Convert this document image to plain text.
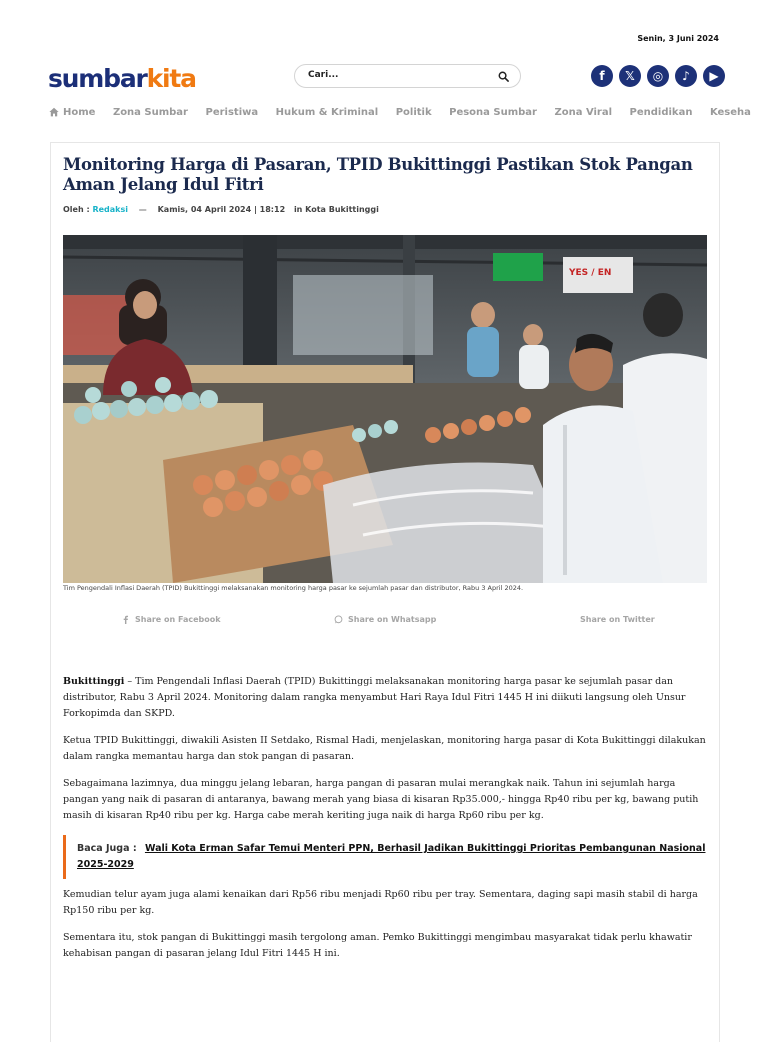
Senin, 3 Juni 2024
sumbarkita
Cari...	f	𝕏	◎	♪	▶
Home Zona Sumbar Peristiwa Hukum & Kriminal Politik Pesona Sumbar Zona Viral Pendidikan Keseha
Monitoring Harga di Pasaran, TPID Bukittinggi Pastikan Stok Pangan Aman Jelang Idul Fitri
Oleh : Redaksi — Kamis, 04 April 2024 | 18:12 in Kota Bukittinggi
YES / EN
Tim Pengendali Inflasi Daerah (TPID) Bukittinggi melaksanakan monitoring harga pasar ke sejumlah pasar dan distributor, Rabu 3 April 2024.
Share on Facebook	Share on Whatsapp	Share on Twitter

Bukittinggi – Tim Pengendali Inflasi Daerah (TPID) Bukittinggi melaksanakan monitoring harga pasar ke sejumlah pasar dan distributor, Rabu 3 April 2024. Monitoring dalam rangka menyambut Hari Raya Idul Fitri 1445 H ini diikuti langsung oleh Unsur Forkopimda dan SKPD.

Ketua TPID Bukittinggi, diwakili Asisten II Setdako, Rismal Hadi, menjelaskan, monitoring harga pasar di Kota Bukittinggi dilakukan dalam rangka memantau harga dan stok pangan di pasaran.

Sebagaimana lazimnya, dua minggu jelang lebaran, harga pangan di pasaran mulai merangkak naik. Tahun ini sejumlah harga pangan yang naik di pasaran di antaranya, bawang merah yang biasa di kisaran Rp35.000,- hingga Rp40 ribu per kg, bawang putih masih di kisaran Rp40 ribu per kg. Harga cabe merah keriting juga naik di harga Rp60 ribu per kg.

Baca Juga : Wali Kota Erman Safar Temui Menteri PPN, Berhasil Jadikan Bukittinggi Prioritas Pembangunan Nasional 2025-2029

Kemudian telur ayam juga alami kenaikan dari Rp56 ribu menjadi Rp60 ribu per tray. Sementara, daging sapi masih stabil di harga Rp150 ribu per kg.

Sementara itu, stok pangan di Bukittinggi masih tergolong aman. Pemko Bukittinggi mengimbau masyarakat tidak perlu khawatir kehabisan pangan di pasaran jelang Idul Fitri 1445 H ini.
